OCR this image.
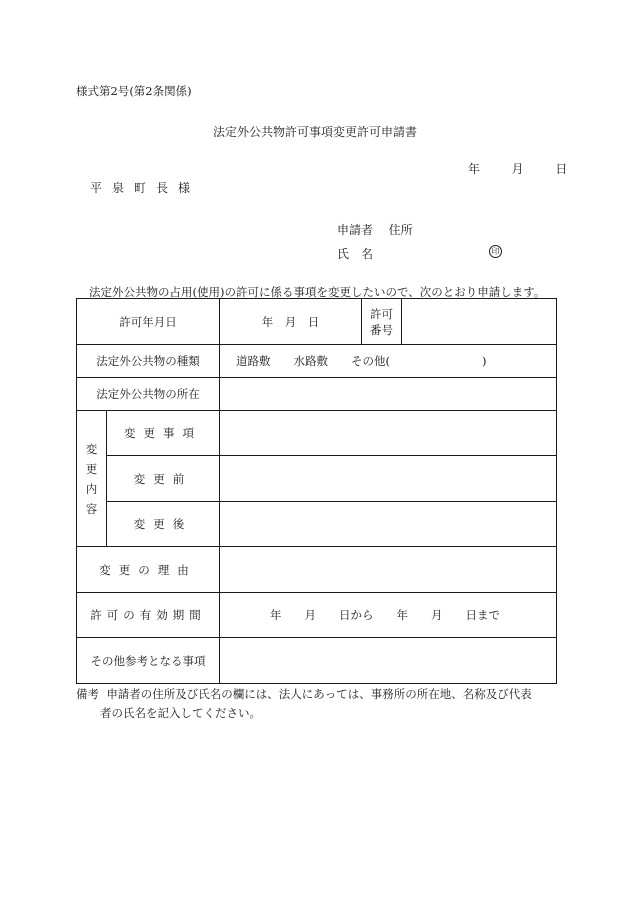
様式第2号(第2条関係)
法定外公共物許可事項変更許可申請書
年	月	日
平泉町長様
申請者 住所
氏名	印
法定外公共物の占用(使用)の許可に係る事項を変更したいので、次のとおり申請します。
許可年月日		年　月　日	許可
番号	

法定外公共物の種類		道路敷　　水路敷　　その他(　　　　　　　　)		
法定外公共物の所在				

変
更
内
容	変更事項			
	変更前			
	変更後			
変更の理由				
許可の有効期間		年　　月　　日から　　年　　月　　日まで		
その他参考となる事項				
備考 申請者の住所及び氏名の欄には、法人にあっては、事務所の所在地、名称及び代表
者の氏名を記入してください。
